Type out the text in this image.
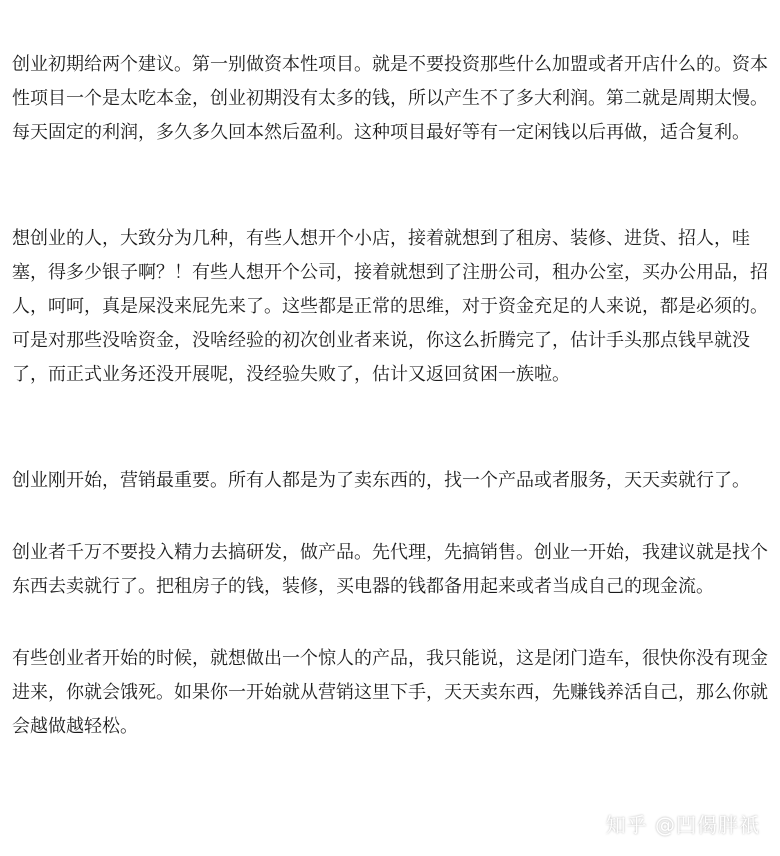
创业初期给两个建议。第一别做资本性项目。就是不要投资那些什么加盟或者开店什么的。资本性项目一个是太吃本金，创业初期没有太多的钱，所以产生不了多大利润。第二就是周期太慢。每天固定的利润，多久多久回本然后盈利。这种项目最好等有一定闲钱以后再做，适合复利。

想创业的人，大致分为几种，有些人想开个小店，接着就想到了租房、装修、进货、招人，哇塞，得多少银子啊？！有些人想开个公司，接着就想到了注册公司，租办公室，买办公用品，招人，呵呵，真是屎没来屁先来了。这些都是正常的思维，对于资金充足的人来说，都是必须的。可是对那些没啥资金，没啥经验的初次创业者来说，你这么折腾完了，估计手头那点钱早就没了，而正式业务还没开展呢，没经验失败了，估计又返回贫困一族啦。

创业刚开始，营销最重要。所有人都是为了卖东西的，找一个产品或者服务，天天卖就行了。

创业者千万不要投入精力去搞研发，做产品。先代理，先搞销售。创业一开始，我建议就是找个东西去卖就行了。把租房子的钱，装修，买电器的钱都备用起来或者当成自己的现金流。

有些创业者开始的时候，就想做出一个惊人的产品，我只能说，这是闭门造车，很快你没有现金进来，你就会饿死。如果你一开始就从营销这里下手，天天卖东西，先赚钱养活自己，那么你就会越做越轻松。

知乎 @凹偈胖祇
